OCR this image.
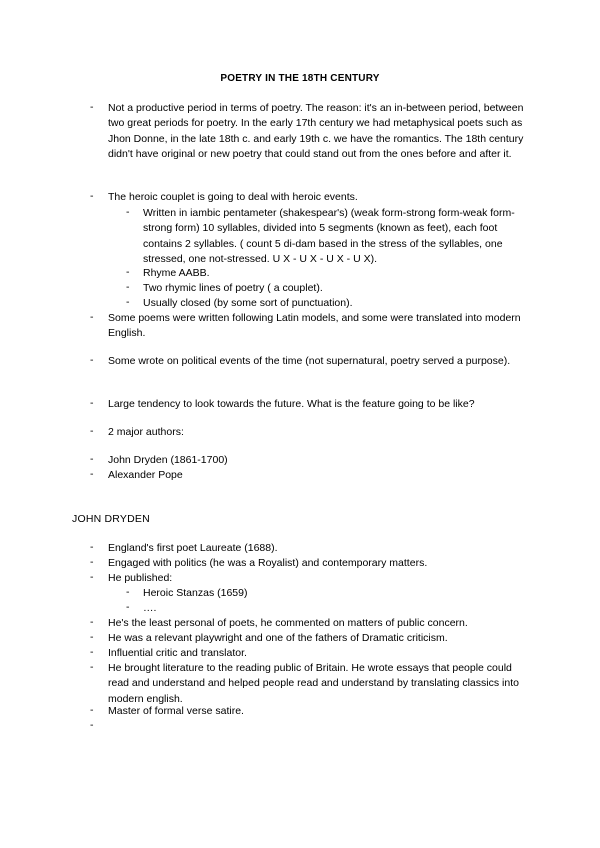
POETRY IN THE 18TH CENTURY
-	Not a productive period in terms of poetry. The reason: it's an in-between period, between two great periods for poetry. In the early 17th century we had metaphysical poets such as Jhon Donne, in the late 18th c. and early 19th c. we have the romantics. The 18th century didn't have original or new poetry that could stand out from the ones before and after it.
-	The heroic couplet is going to deal with heroic events.
-	Written in iambic pentameter (shakespear's) (weak form-strong form-weak form- strong form) 10 syllables, divided into 5 segments (known as feet), each foot contains 2 syllables. ( count 5 di-dam based in the stress of the syllables, one stressed, one not-stressed. U X - U X - U X - U X).
-	Rhyme AABB.
-	Two rhymic lines of poetry ( a couplet).
-	Usually closed (by some sort of punctuation).
-	Some poems were written following Latin models, and some were translated into modern English.
-	Some wrote on political events of the time (not supernatural, poetry served a purpose).
-	Large tendency to look towards the future. What is the feature going to be like?
-	2 major authors:
-	John Dryden (1861-1700)
-	Alexander Pope
JOHN DRYDEN
-	England's first poet Laureate (1688).
-	Engaged with politics (he was a Royalist) and contemporary matters.
-	He published:
-	Heroic Stanzas (1659)
-	….
-	He's the least personal of poets, he commented on matters of public concern.
-	He was a relevant playwright and one of the fathers of Dramatic criticism.
-	Influential critic and translator.
-	He brought literature to the reading public of Britain. He wrote essays that people could read and understand and helped people read and understand by translating classics into modern english.
-	Master of formal verse satire.
-
